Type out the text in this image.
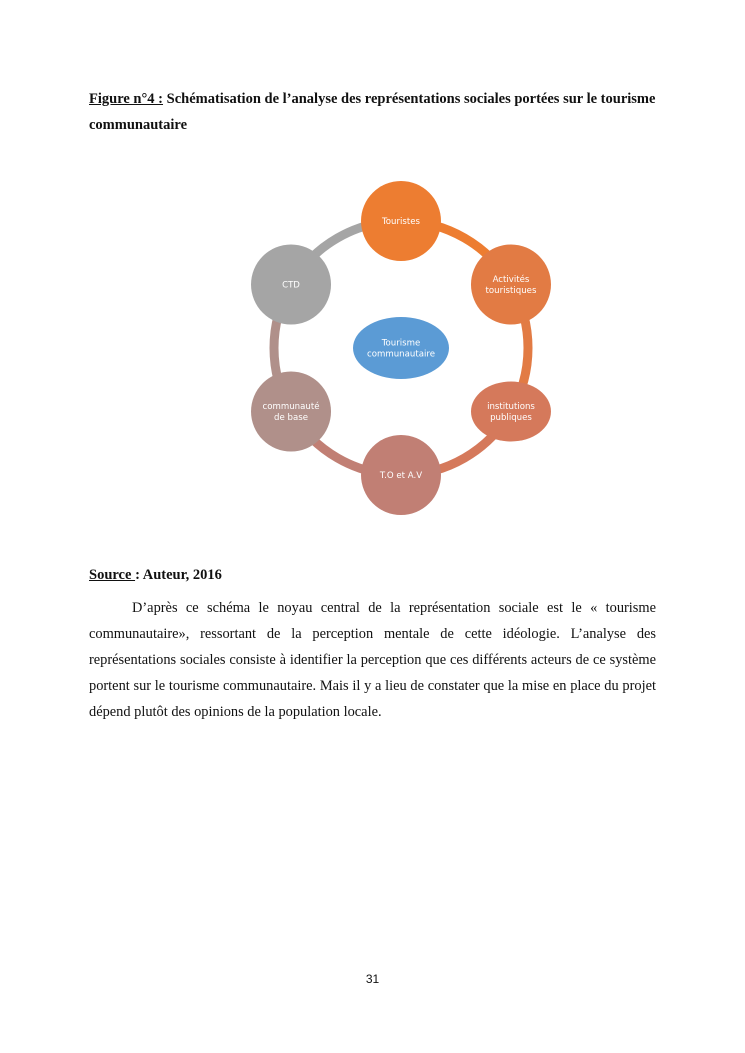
Figure n°4 : Schématisation de l’analyse des représentations sociales portées sur le tourisme communautaire
Touristes
Activités
touristiques
institutions
publiques
T.O et A.V
communauté
de base
CTD
Tourisme
communautaire
Source : Auteur, 2016

D’après ce schéma le noyau central de la représentation sociale est le « tourisme communautaire», ressortant de la perception mentale de cette idéologie. L’analyse des représentations sociales consiste à identifier la perception que ces différents acteurs de ce système portent sur le tourisme communautaire. Mais il y a lieu de constater que la mise en place du projet dépend plutôt des opinions de la population locale.

31
